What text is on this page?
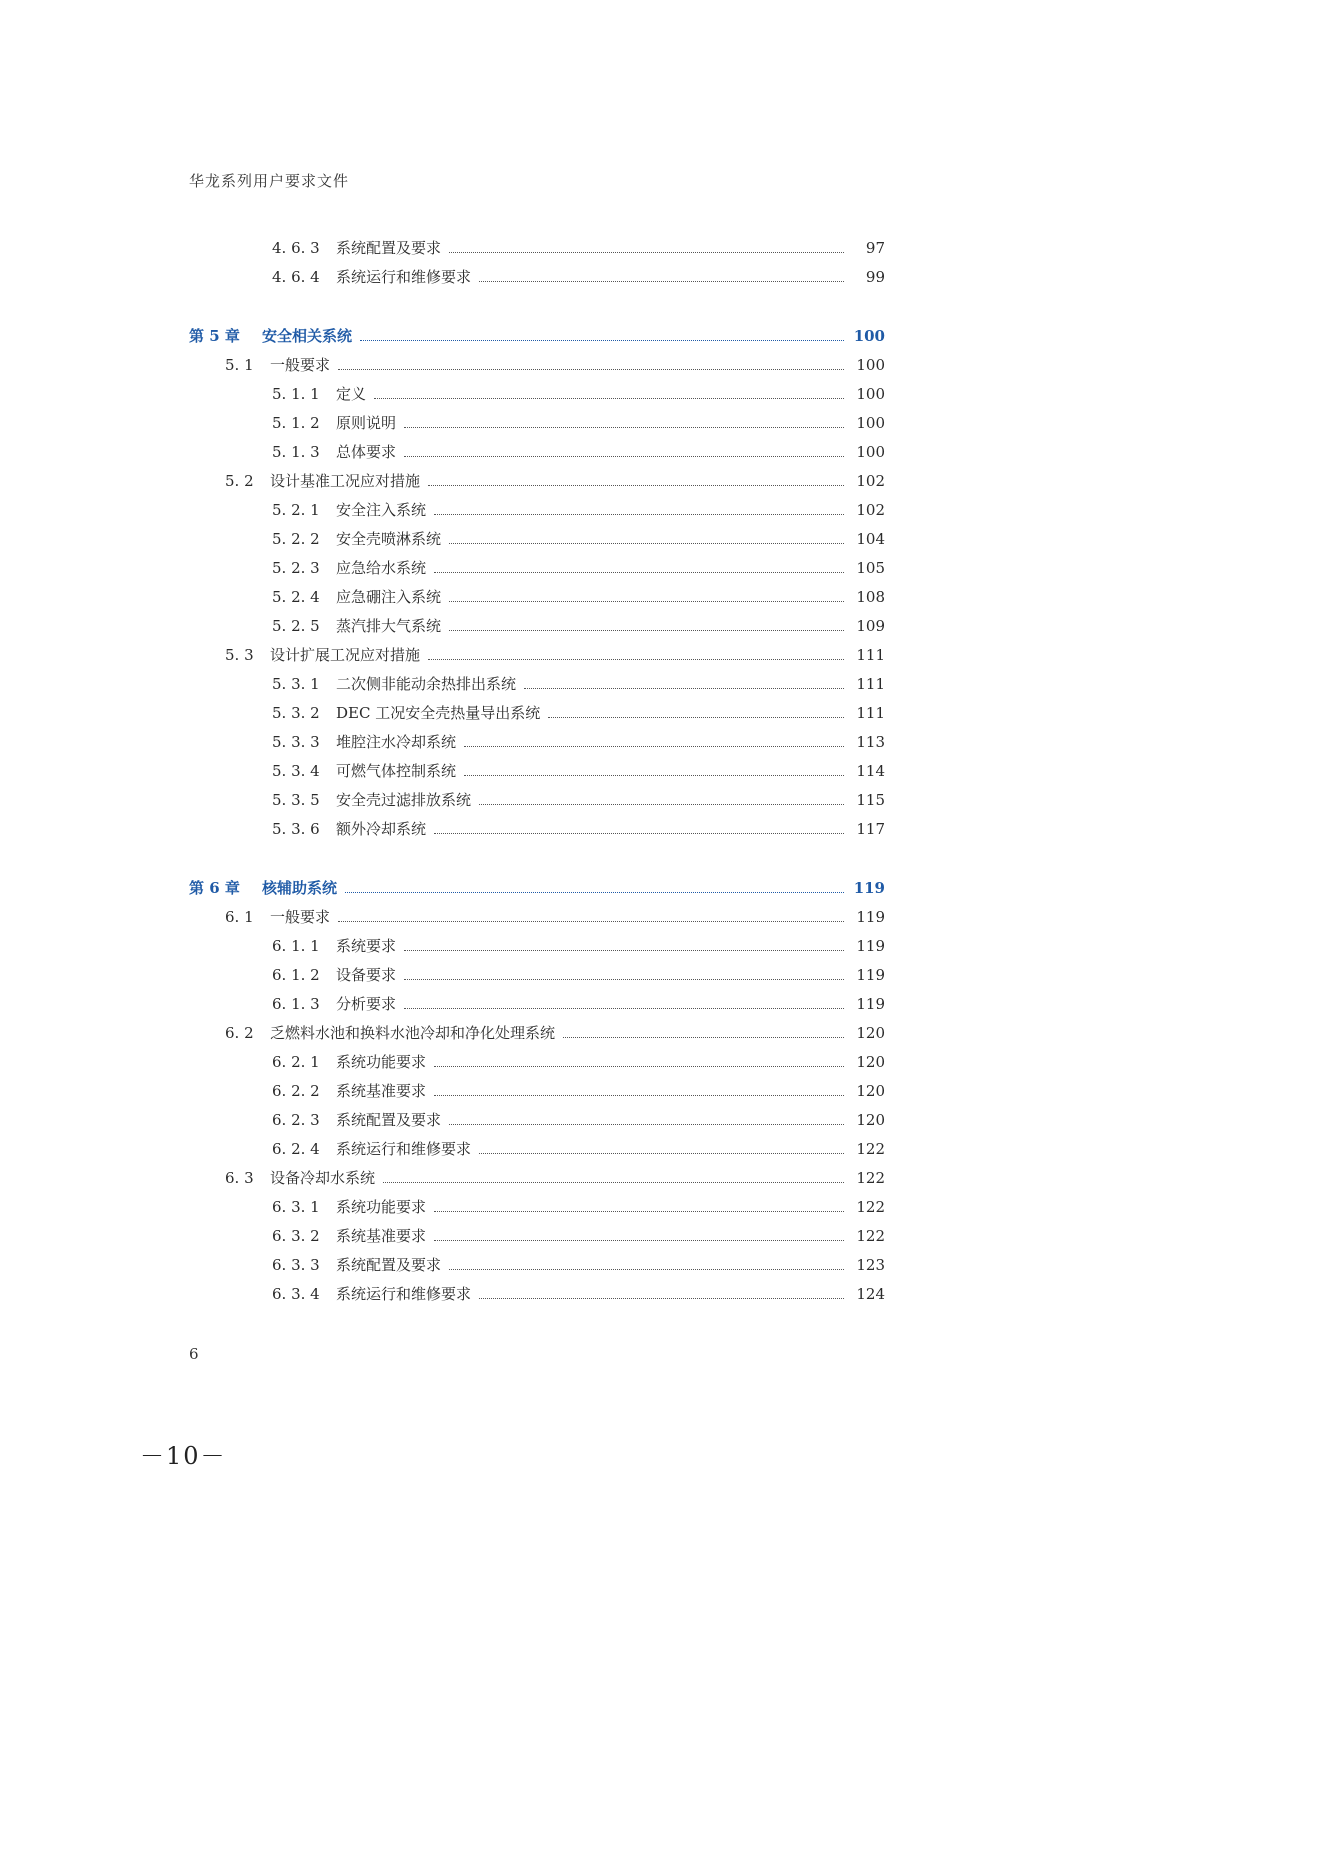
华龙系列用户要求文件
4. 6. 3 系统配置及要求	97
4. 6. 4 系统运行和维修要求	99
第 5 章 安全相关系统	100
5. 1 一般要求	100
5. 1. 1 定义	100
5. 1. 2 原则说明	100
5. 1. 3 总体要求	100
5. 2 设计基准工况应对措施	102
5. 2. 1 安全注入系统	102
5. 2. 2 安全壳喷淋系统	104
5. 2. 3 应急给水系统	105
5. 2. 4 应急硼注入系统	108
5. 2. 5 蒸汽排大气系统	109
5. 3 设计扩展工况应对措施	111
5. 3. 1 二次侧非能动余热排出系统	111
5. 3. 2 DEC 工况安全壳热量导出系统	111
5. 3. 3 堆腔注水冷却系统	113
5. 3. 4 可燃气体控制系统	114
5. 3. 5 安全壳过滤排放系统	115
5. 3. 6 额外冷却系统	117
第 6 章 核辅助系统	119
6. 1 一般要求	119
6. 1. 1 系统要求	119
6. 1. 2 设备要求	119
6. 1. 3 分析要求	119
6. 2 乏燃料水池和换料水池冷却和净化处理系统	120
6. 2. 1 系统功能要求	120
6. 2. 2 系统基准要求	120
6. 2. 3 系统配置及要求	120
6. 2. 4 系统运行和维修要求	122
6. 3 设备冷却水系统	122
6. 3. 1 系统功能要求	122
6. 3. 2 系统基准要求	122
6. 3. 3 系统配置及要求	123
6. 3. 4 系统运行和维修要求	124
6
－10－
